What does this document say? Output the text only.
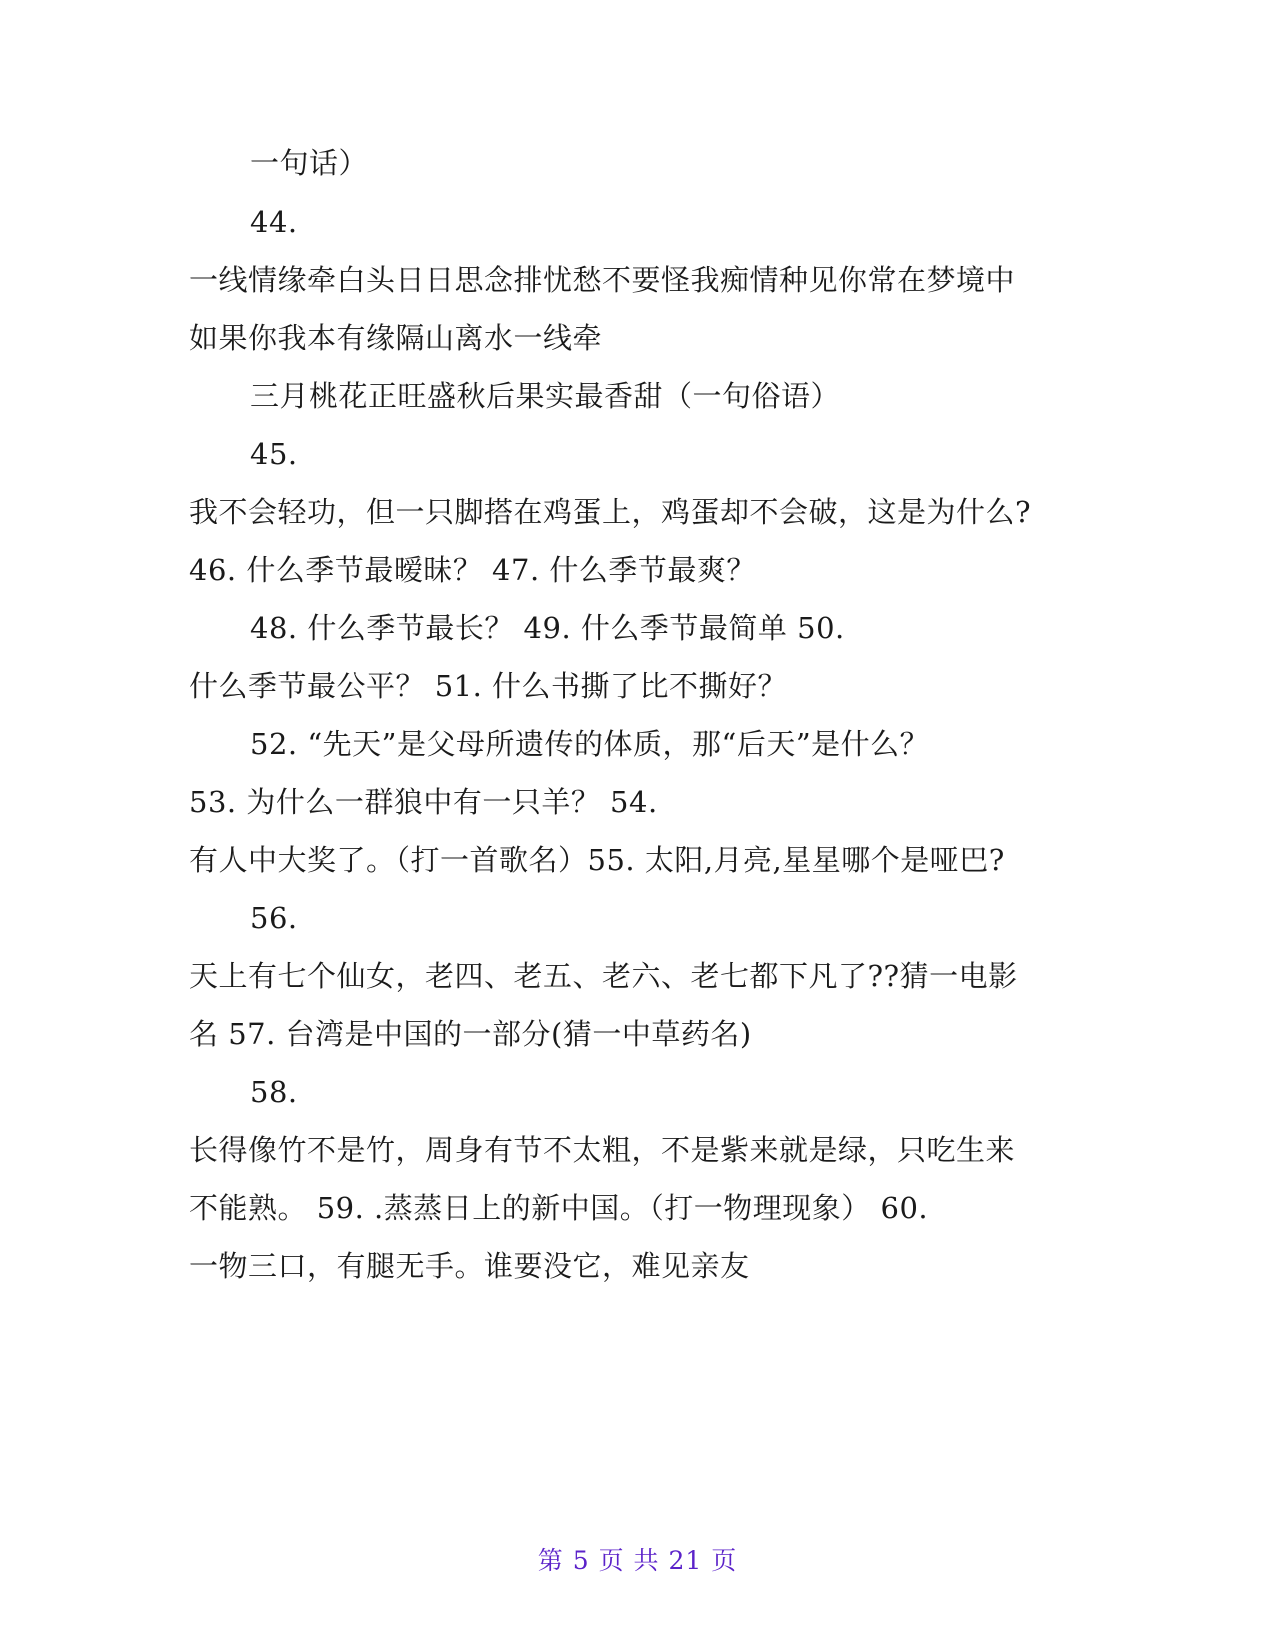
一句话）
44.
一线情缘牵白头日日思念排忧愁不要怪我痴情种见你常在梦境中
如果你我本有缘隔山离水一线牵
三月桃花正旺盛秋后果实最香甜（一句俗语）
45.
我不会轻功，但一只脚搭在鸡蛋上，鸡蛋却不会破，这是为什么?
46. 什么季节最暧昧？ 47. 什么季节最爽？
48. 什么季节最长？ 49. 什么季节最简单 50.
什么季节最公平？ 51. 什么书撕了比不撕好？
52. “先天”是父母所遗传的体质，那“后天”是什么？
53. 为什么一群狼中有一只羊？ 54.
有人中大奖了。（打一首歌名）55. 太阳,月亮,星星哪个是哑巴?
56.
天上有七个仙女，老四、老五、老六、老七都下凡了??猜一电影
名 57. 台湾是中国的一部分(猜一中草药名)
58.
长得像竹不是竹，周身有节不太粗，不是紫来就是绿，只吃生来
不能熟。 59. .蒸蒸日上的新中国。（打一物理现象） 60.
一物三口，有腿无手。谁要没它，难见亲友
第 5 页 共 21 页
